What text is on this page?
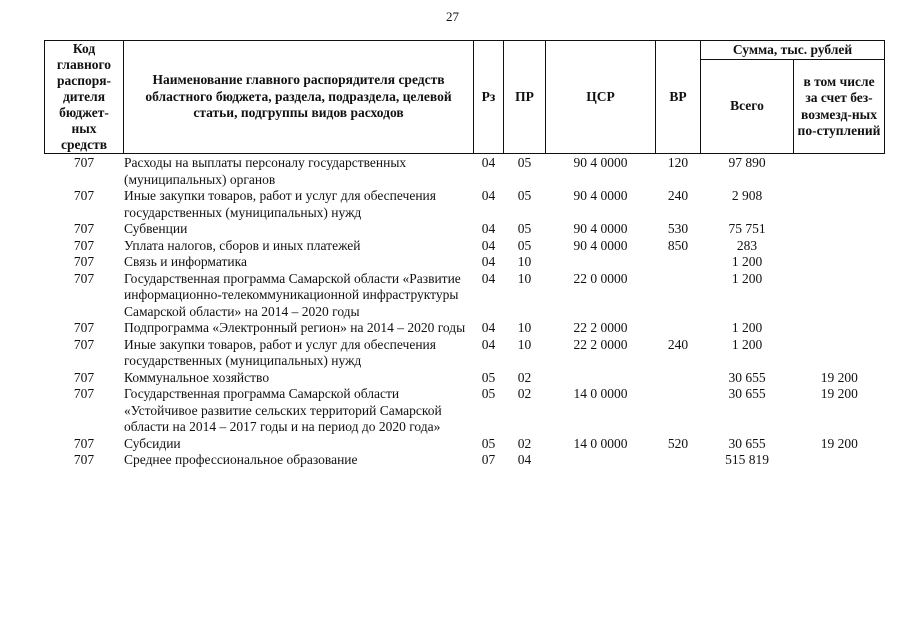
27
Код главного распоря-дителя бюджет-ных средств	Наименование главного распорядителя средств областного бюджета, раздела, подраздела, целевой статьи, подгруппы видов расходов	Рз	ПР	ЦСР	ВР	Сумма, тыс. рублей	
						Всего	в том числе за счет без-возмезд-ных по-ступлений
707	Расходы на выплаты персоналу государственных (муниципальных) органов	04	05	90 4 0000	120	97 890	
707	Иные закупки товаров, работ и услуг для обеспечения государственных (муниципальных) нужд	04	05	90 4 0000	240	2 908	
707	Субвенции	04	05	90 4 0000	530	75 751	
707	Уплата налогов, сборов и иных платежей	04	05	90 4 0000	850	283	
707	Связь и информатика	04	10			1 200	
707	Государственная программа Самарской области «Развитие информационно-телекоммуникационной инфраструктуры Самарской области» на 2014 – 2020 годы	04	10	22 0 0000		1 200	
707	Подпрограмма «Электронный регион» на 2014 – 2020 годы	04	10	22 2 0000		1 200	
707	Иные закупки товаров, работ и услуг для обеспечения государственных (муниципальных) нужд	04	10	22 2 0000	240	1 200	
707	Коммунальное хозяйство	05	02			30 655	19 200
707	Государственная программа Самарской области «Устойчивое развитие сельских территорий Самарской области на 2014 – 2017 годы и на период до 2020 года»	05	02	14 0 0000		30 655	19 200
707	Субсидии	05	02	14 0 0000	520	30 655	19 200
707	Среднее профессиональное образование	07	04			515 819	
